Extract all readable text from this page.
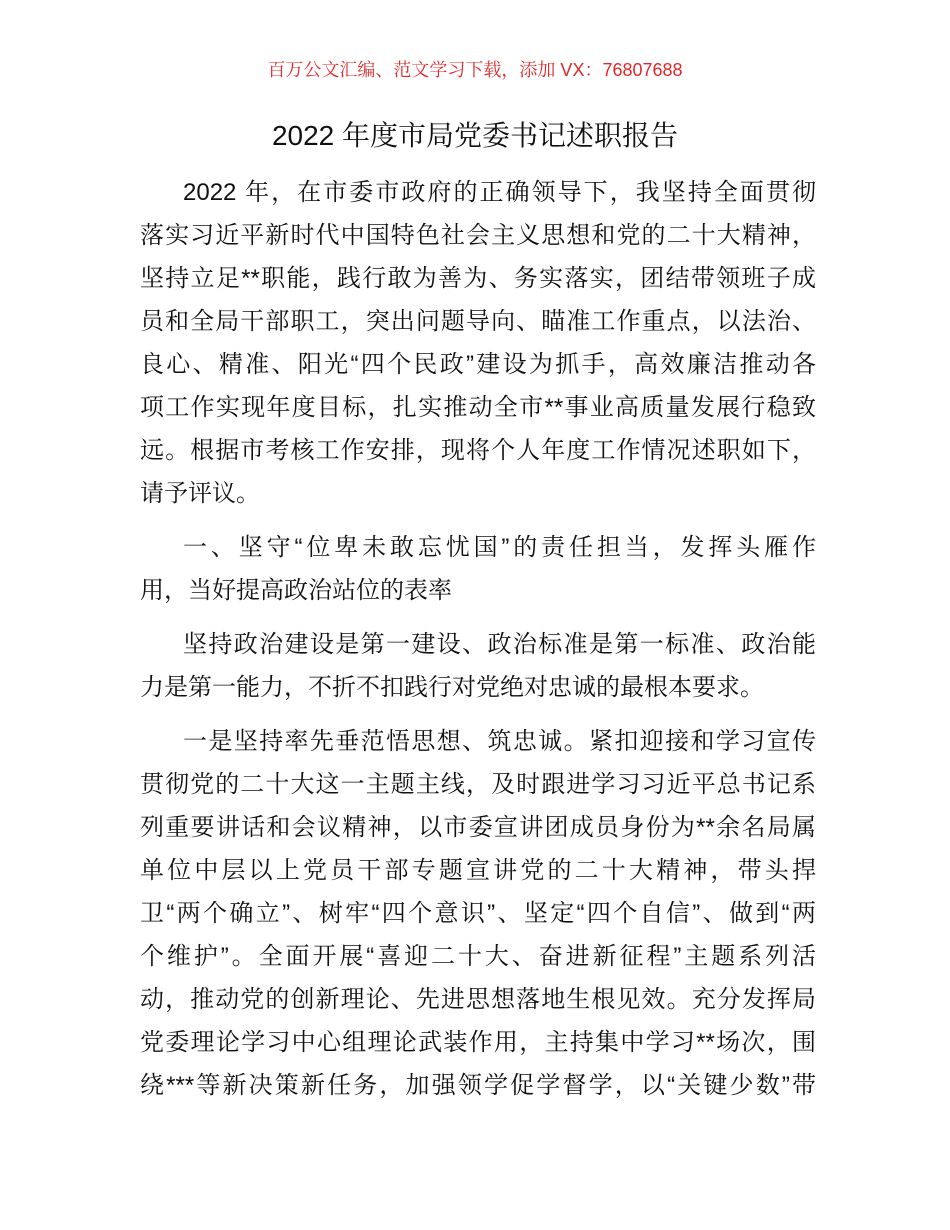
百万公文汇编、范文学习下载，添加 VX：76807688
2022 年度市局党委书记述职报告
2022 年，在市委市政府的正确领导下，我坚持全面贯彻
落实习近平新时代中国特色社会主义思想和党的二十大精神，
坚持立足**职能，践行敢为善为、务实落实，团结带领班子成
员和全局干部职工，突出问题导向、瞄准工作重点，以法治、
良心、精准、阳光“四个民政”建设为抓手，高效廉洁推动各
项工作实现年度目标，扎实推动全市**事业高质量发展行稳致
远。根据市考核工作安排，现将个人年度工作情况述职如下，
请予评议。
一、坚守“位卑未敢忘忧国”的责任担当，发挥头雁作
用，当好提高政治站位的表率
坚持政治建设是第一建设、政治标准是第一标准、政治能
力是第一能力，不折不扣践行对党绝对忠诚的最根本要求。
一是坚持率先垂范悟思想、筑忠诚。紧扣迎接和学习宣传
贯彻党的二十大这一主题主线，及时跟进学习习近平总书记系
列重要讲话和会议精神，以市委宣讲团成员身份为**余名局属
单位中层以上党员干部专题宣讲党的二十大精神，带头捍
卫“两个确立”、树牢“四个意识”、坚定“四个自信”、做到“两
个维护”。全面开展“喜迎二十大、奋进新征程”主题系列活
动，推动党的创新理论、先进思想落地生根见效。充分发挥局
党委理论学习中心组理论武装作用，主持集中学习**场次，围
绕***等新决策新任务，加强领学促学督学，以“关键少数”带
